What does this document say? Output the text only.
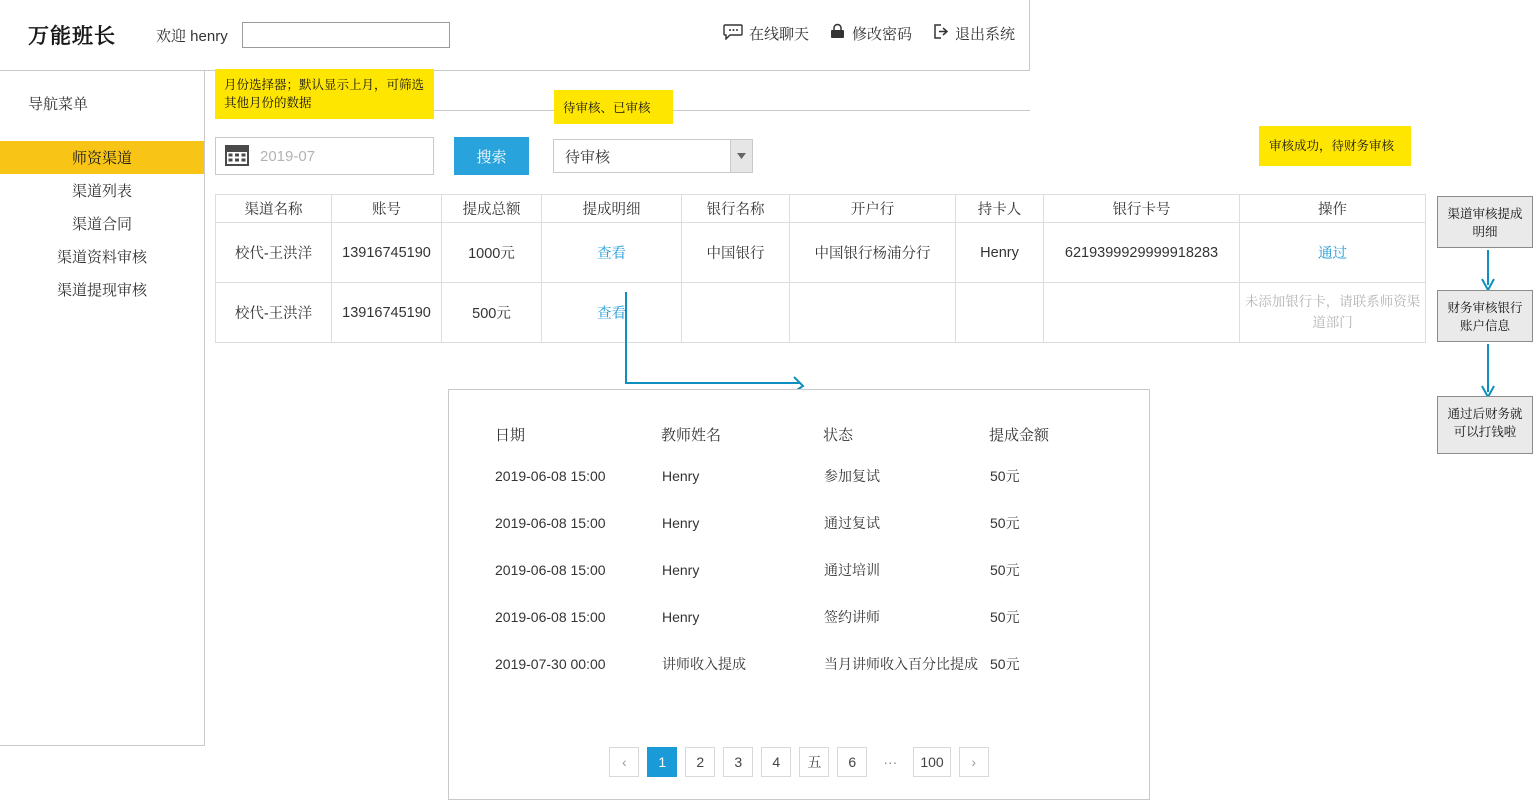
万能班长	欢迎 henry	在线聊天	修改密码	退出系统
导航菜单
师资渠道
渠道列表
渠道合同
渠道资料审核
渠道提现审核
月份选择器；默认显示上月，可筛选其他月份的数据	待审核、已审核
审核成功，待财务审核
2019-07	搜索	待审核
渠道名称	账号	提成总额	提成明细	银行名称	开户行	持卡人	银行卡号	操作
校代-王洪洋	13916745190	1000元	查看	中国银行	中国银行杨浦分行	Henry	6219399929999918283	通过
校代-王洪洋	13916745190	500元	查看					未添加银行卡，请联系师资渠道部门
日期	教师姓名	状态	提成金额
2019-06-08 15:00	Henry	参加复试	50元
2019-06-08 15:00	Henry	通过复试	50元
2019-06-08 15:00	Henry	通过培训	50元
2019-06-08 15:00	Henry	签约讲师	50元
2019-07-30 00:00	讲师收入提成	当月讲师收入百分比提成	50元
‹	1	2	3	4	五	6	···	100	›
渠道审核提成明细
财务审核银行账户信息
通过后财务就可以打钱啦
